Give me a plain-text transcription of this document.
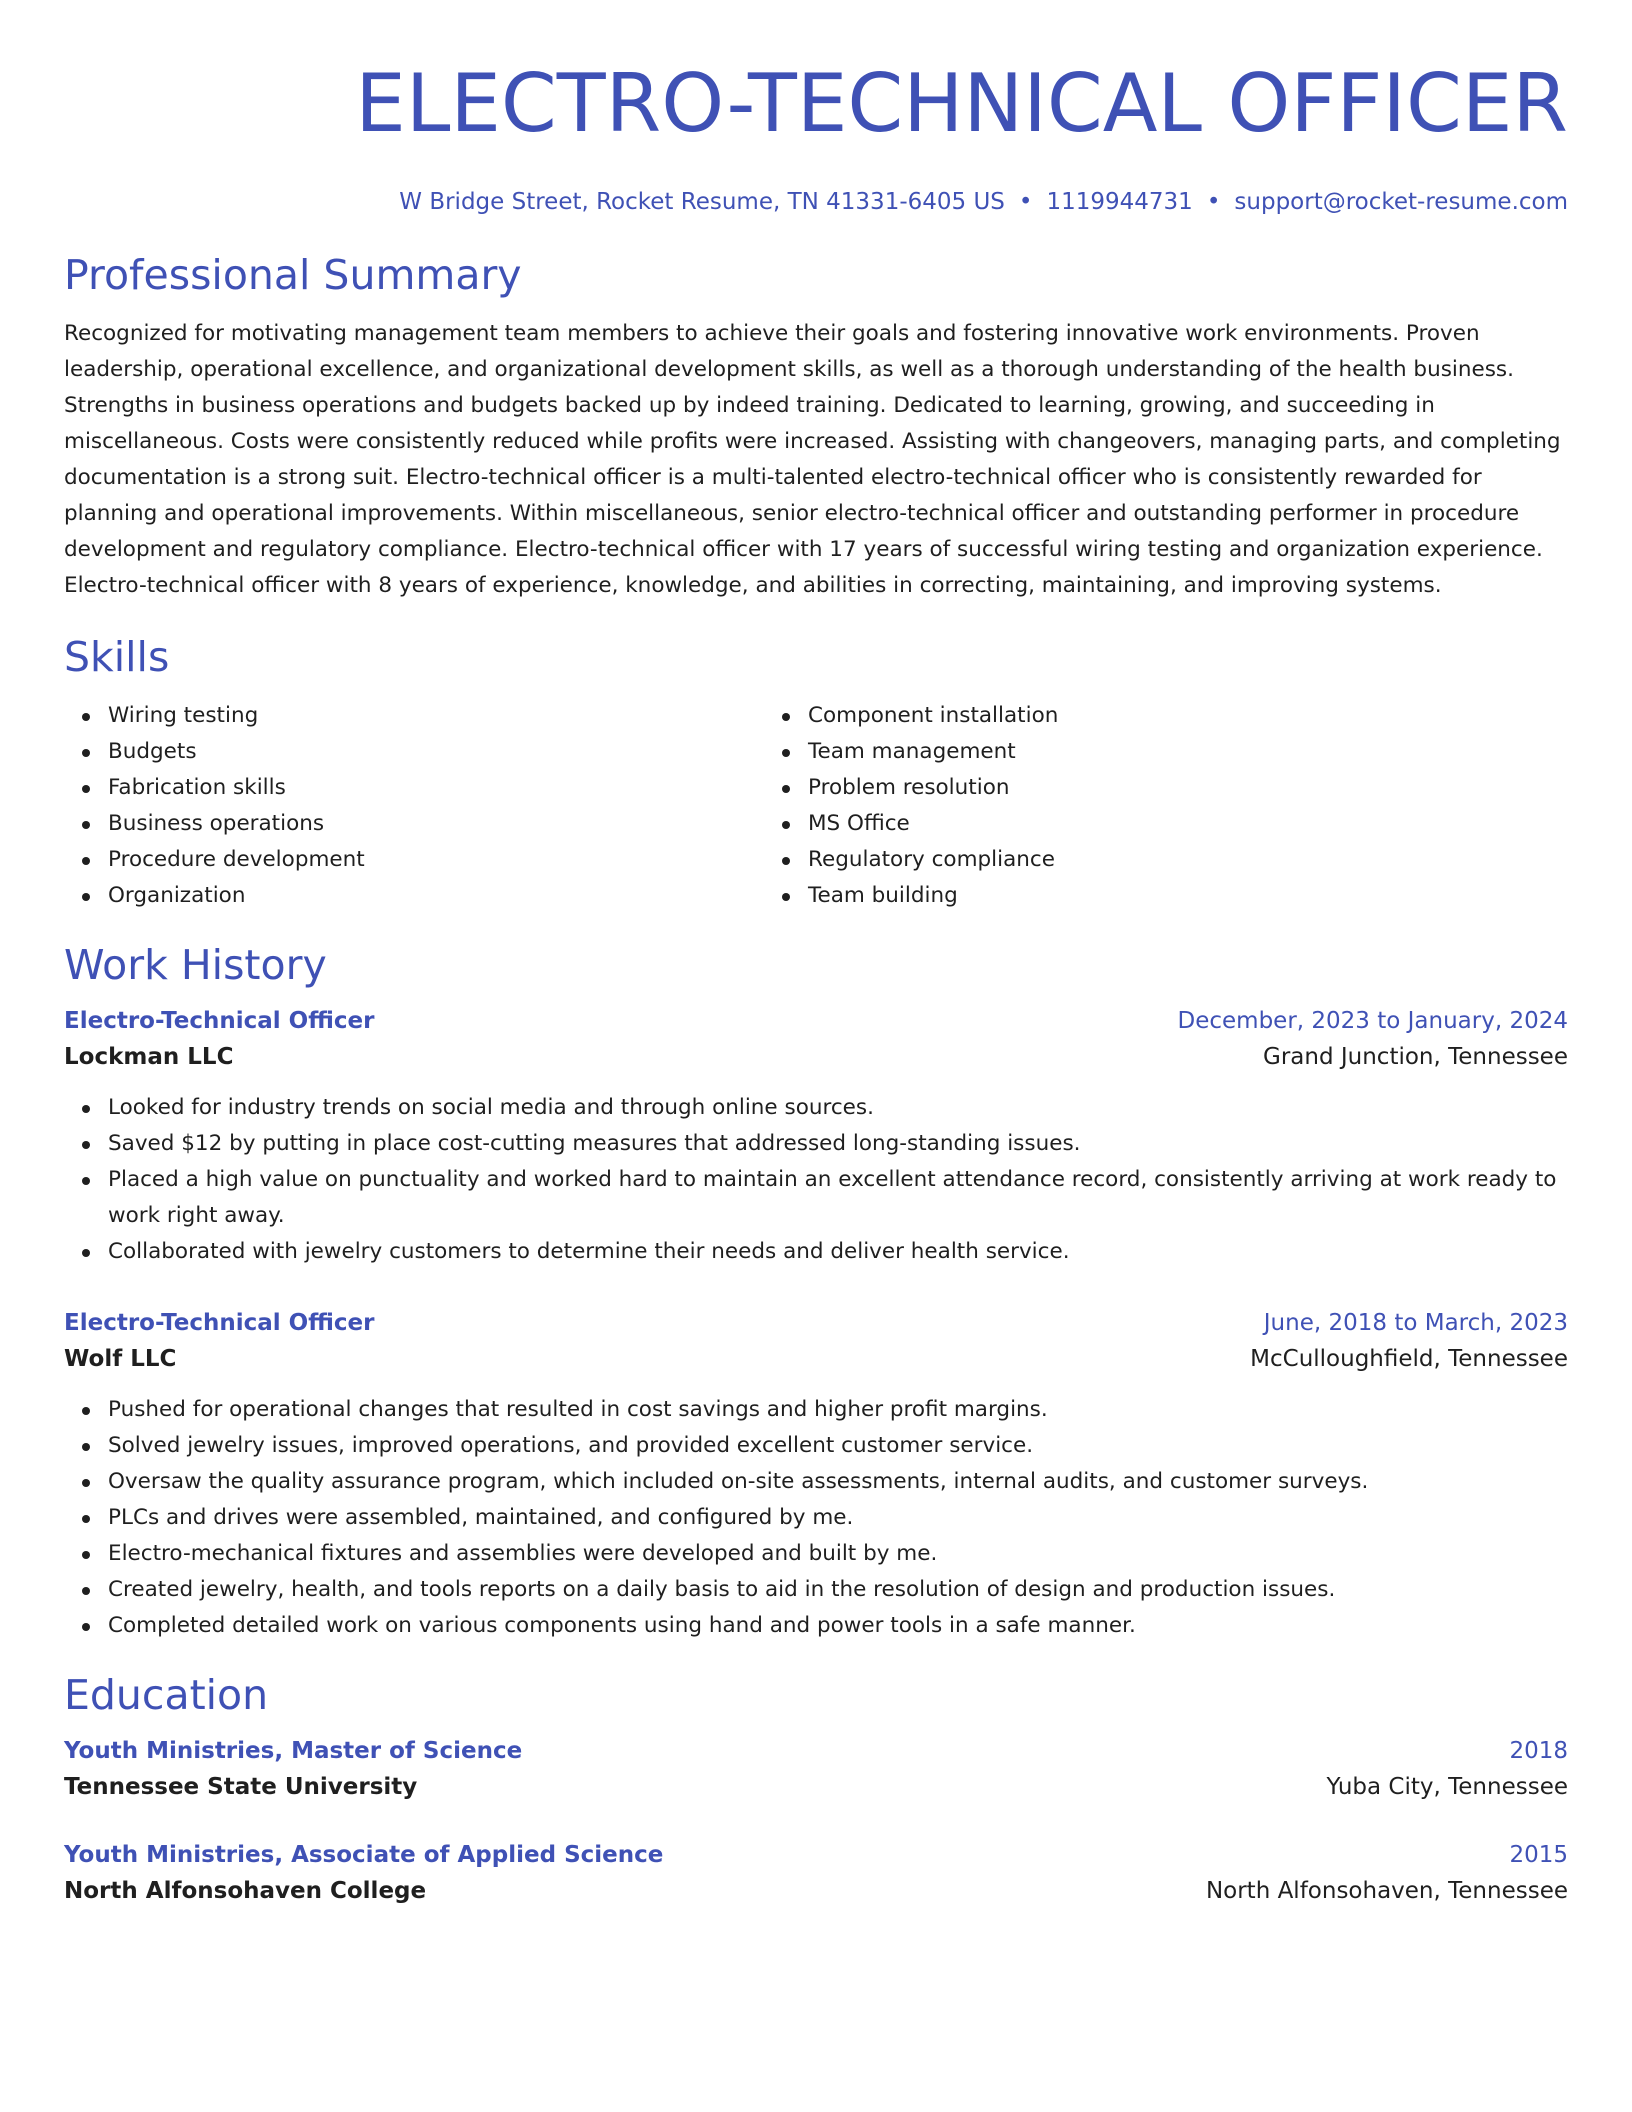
ELECTRO-TECHNICAL OFFICER
W Bridge Street, Rocket Resume, TN 41331-6405 US • 1119944731 • support@rocket-resume.com
Professional Summary

Recognized for motivating management team members to achieve their goals and fostering innovative work environments. Proven leadership, operational excellence, and organizational development skills, as well as a thorough understanding of the health business. Strengths in business operations and budgets backed up by indeed training. Dedicated to learning, growing, and succeeding in miscellaneous. Costs were consistently reduced while profits were increased. Assisting with changeovers, managing parts, and completing documentation is a strong suit. Electro-technical officer is a multi-talented electro-technical officer who is consistently rewarded for planning and operational improvements. Within miscellaneous, senior electro-technical officer and outstanding performer in procedure development and regulatory compliance. Electro-technical officer with 17 years of successful wiring testing and organization experience. Electro-technical officer with 8 years of experience, knowledge, and abilities in correcting, maintaining, and improving systems.

Skills
Wiring testing
Budgets
Fabrication skills
Business operations
Procedure development
Organization
Component installation
Team management
Problem resolution
MS Office
Regulatory compliance
Team building
Work History
Electro-Technical Officer	December, 2023 to January, 2024
Lockman LLC	Grand Junction, Tennessee
Looked for industry trends on social media and through online sources.
Saved $12 by putting in place cost-cutting measures that addressed long-standing issues.
Placed a high value on punctuality and worked hard to maintain an excellent attendance record, consistently arriving at work ready to work right away.
Collaborated with jewelry customers to determine their needs and deliver health service.
Electro-Technical Officer	June, 2018 to March, 2023
Wolf LLC	McCulloughfield, Tennessee
Pushed for operational changes that resulted in cost savings and higher profit margins.
Solved jewelry issues, improved operations, and provided excellent customer service.
Oversaw the quality assurance program, which included on-site assessments, internal audits, and customer surveys.
PLCs and drives were assembled, maintained, and configured by me.
Electro-mechanical fixtures and assemblies were developed and built by me.
Created jewelry, health, and tools reports on a daily basis to aid in the resolution of design and production issues.
Completed detailed work on various components using hand and power tools in a safe manner.
Education
Youth Ministries, Master of Science	2018
Tennessee State University	Yuba City, Tennessee
Youth Ministries, Associate of Applied Science	2015
North Alfonsohaven College	North Alfonsohaven, Tennessee
